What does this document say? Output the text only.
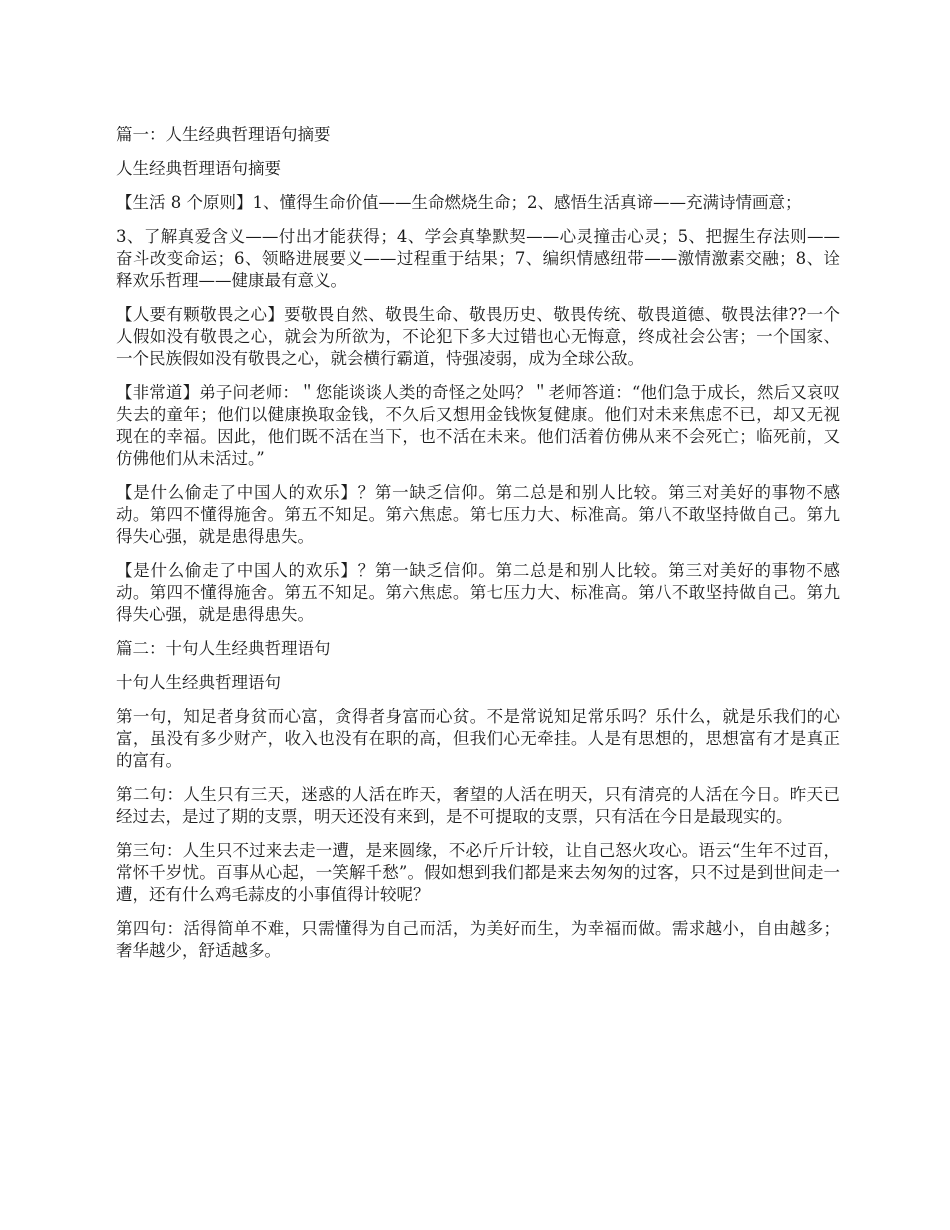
篇一：人生经典哲理语句摘要

人生经典哲理语句摘要

【生活 8 个原则】1、懂得生命价值——生命燃烧生命；2、感悟生活真谛——充满诗情画意；

3、了解真爱含义——付出才能获得；4、学会真挚默契——心灵撞击心灵；5、把握生存法则——奋斗改变命运；6、领略进展要义——过程重于结果；7、编织情感纽带——激情激素交融；8、诠释欢乐哲理——健康最有意义。

【人要有颗敬畏之心】要敬畏自然、敬畏生命、敬畏历史、敬畏传统、敬畏道德、敬畏法律??一个人假如没有敬畏之心，就会为所欲为，不论犯下多大过错也心无悔意，终成社会公害；一个国家、一个民族假如没有敬畏之心，就会横行霸道，恃强凌弱，成为全球公敌。

【非常道】弟子问老师：＂您能谈谈人类的奇怪之处吗？＂老师答道：“他们急于成长，然后又哀叹失去的童年；他们以健康换取金钱，不久后又想用金钱恢复健康。他们对未来焦虑不已，却又无视现在的幸福。因此，他们既不活在当下，也不活在未来。他们活着仿佛从来不会死亡；临死前，又仿佛他们从未活过。”

【是什么偷走了中国人的欢乐】？第一缺乏信仰。第二总是和别人比较。第三对美好的事物不感动。第四不懂得施舍。第五不知足。第六焦虑。第七压力大、标准高。第八不敢坚持做自己。第九得失心强，就是患得患失。

【是什么偷走了中国人的欢乐】？第一缺乏信仰。第二总是和别人比较。第三对美好的事物不感动。第四不懂得施舍。第五不知足。第六焦虑。第七压力大、标准高。第八不敢坚持做自己。第九得失心强，就是患得患失。

篇二：十句人生经典哲理语句

十句人生经典哲理语句

第一句，知足者身贫而心富，贪得者身富而心贫。不是常说知足常乐吗？乐什么，就是乐我们的心富，虽没有多少财产，收入也没有在职的高，但我们心无牵挂。人是有思想的，思想富有才是真正的富有。

第二句：人生只有三天，迷惑的人活在昨天，奢望的人活在明天，只有清亮的人活在今日。昨天已经过去，是过了期的支票，明天还没有来到，是不可提取的支票，只有活在今日是最现实的。

第三句：人生只不过来去走一遭，是来圆缘，不必斤斤计较，让自己怒火攻心。语云“生年不过百，常怀千岁忧。百事从心起，一笑解千愁”。假如想到我们都是来去匆匆的过客，只不过是到世间走一遭，还有什么鸡毛蒜皮的小事值得计较呢？

第四句：活得简单不难，只需懂得为自己而活，为美好而生，为幸福而做。需求越小，自由越多；奢华越少，舒适越多。
